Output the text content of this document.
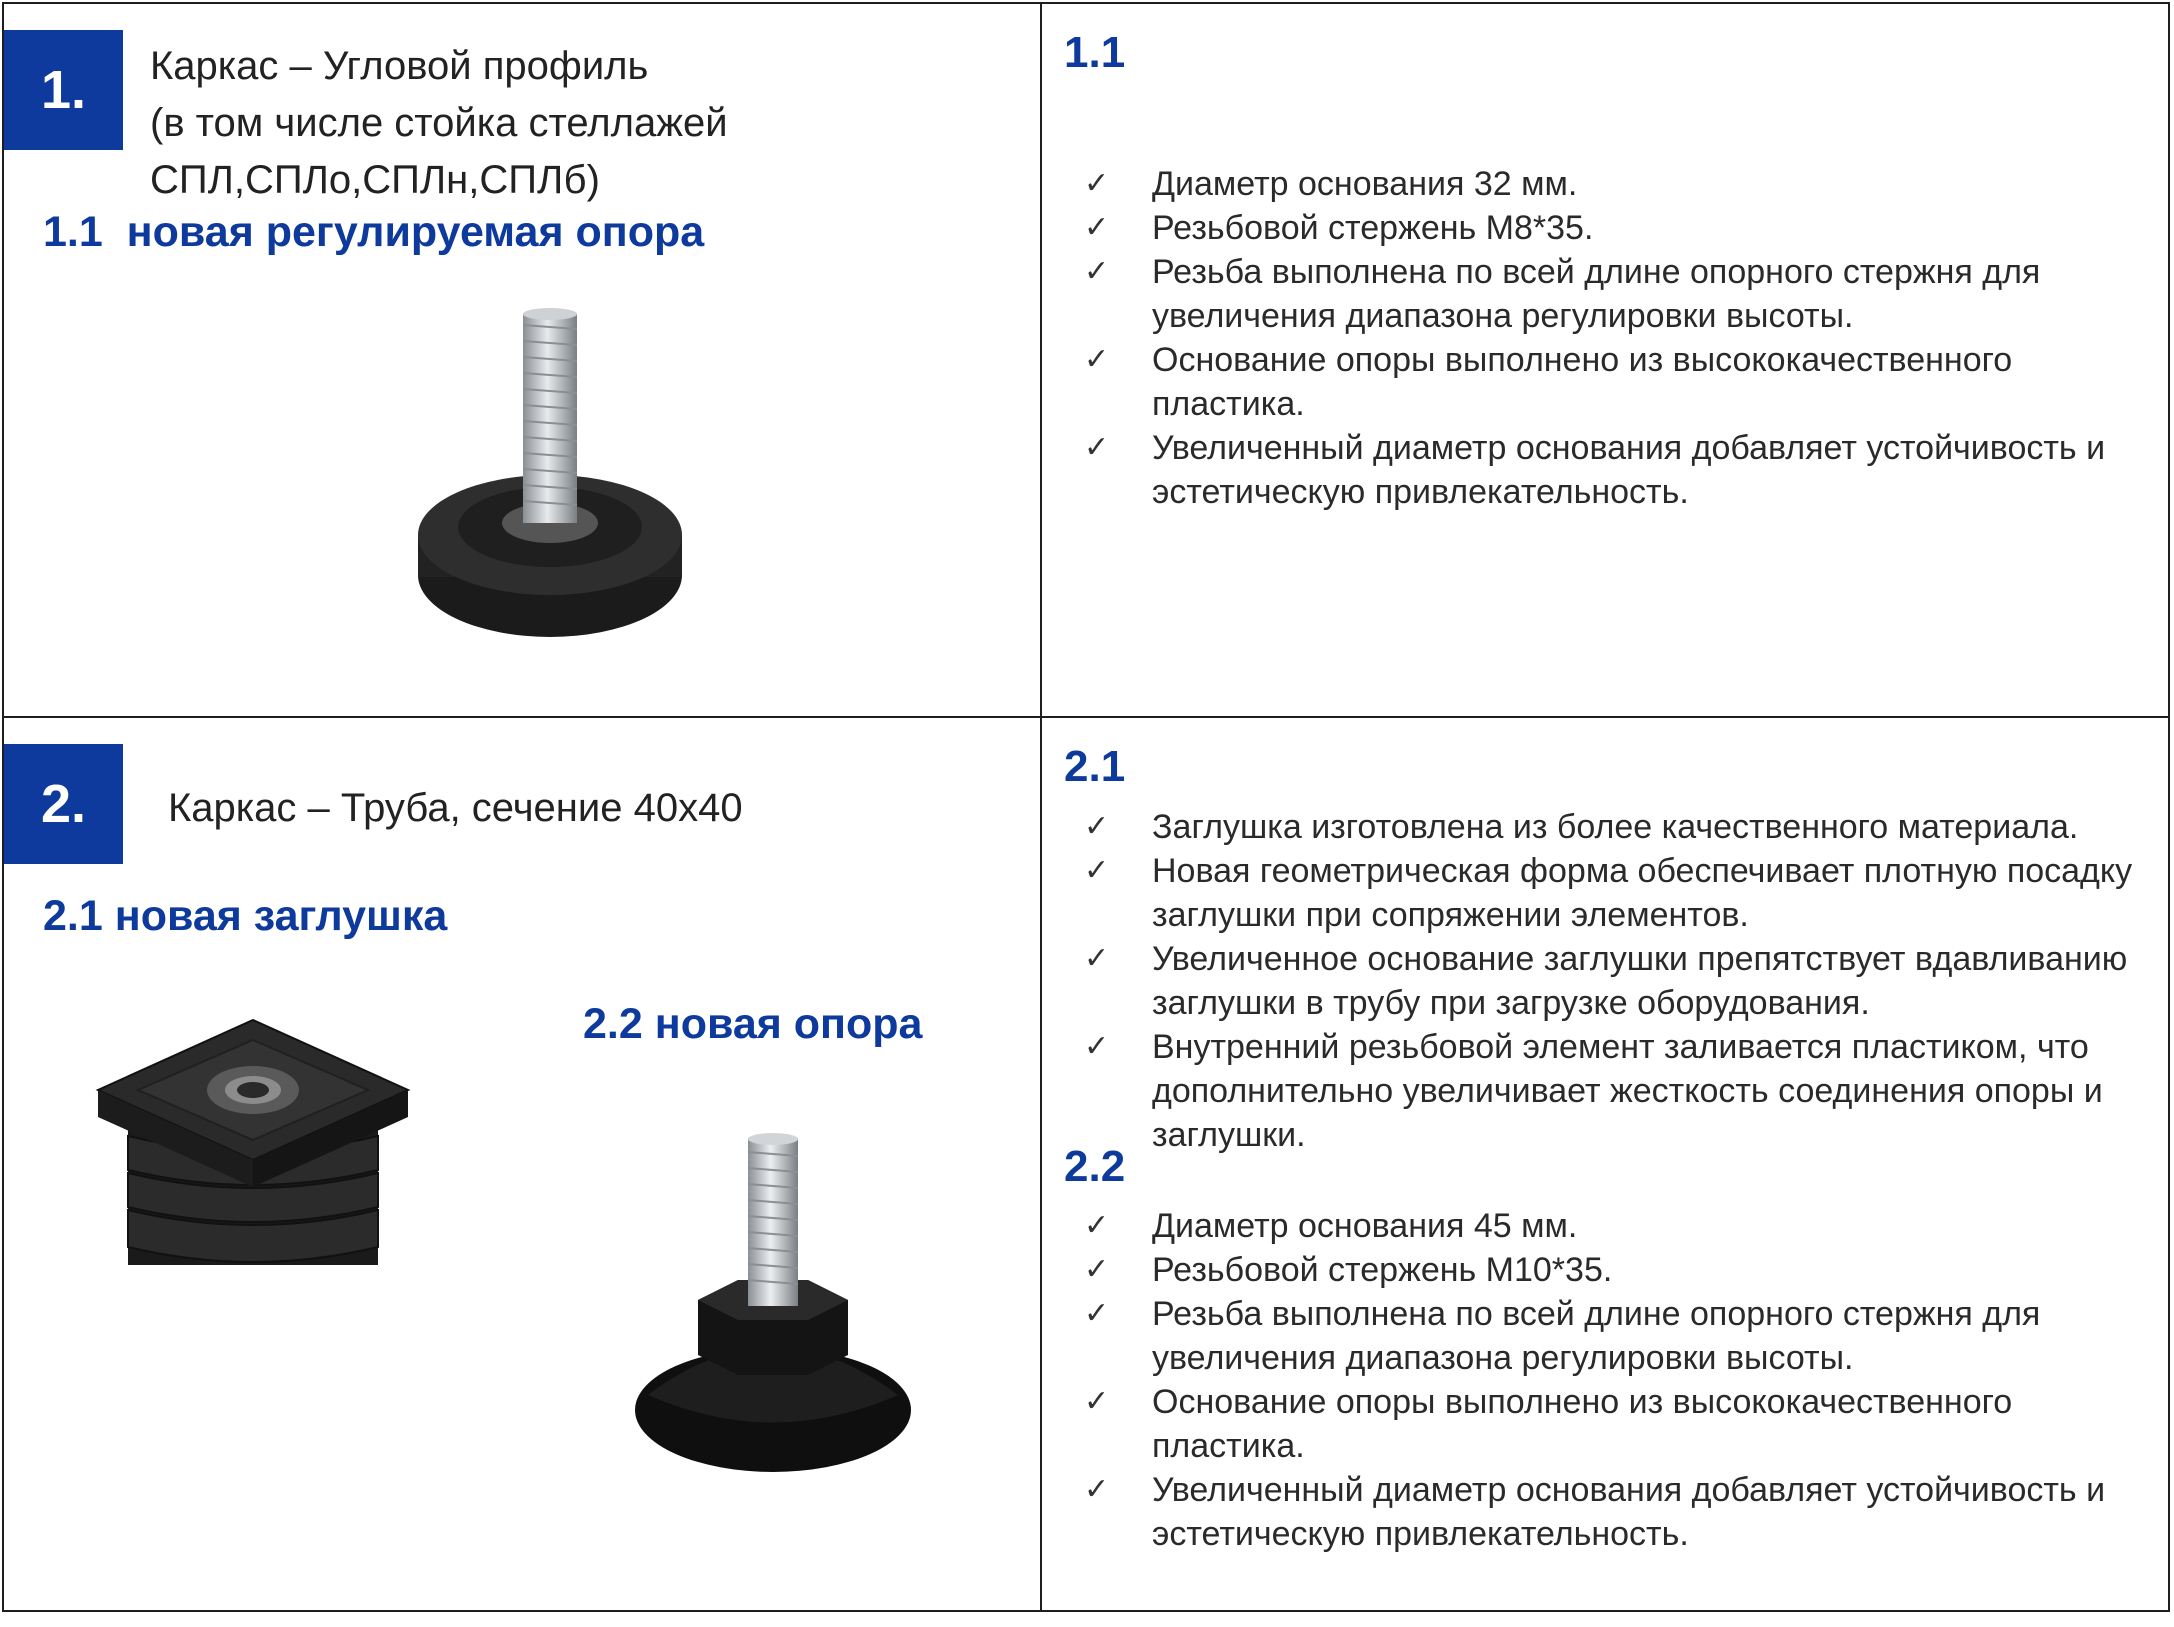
1.	Каркас – Угловой профиль
(в том числе стойка стеллажей
СПЛ,СПЛо,СПЛн,СПЛб)
1.1  новая регулируемая опора
1.1
✓ Диаметр основания 32 мм.
✓ Резьбовой стержень М8*35.
✓ Резьба выполнена по всей длине опорного стержня для увеличения диапазона регулировки высоты.
✓ Основание опоры выполнено из высококачественного пластика.
✓ Увеличенный диаметр основания добавляет устойчивость и эстетическую привлекательность.
2.	Каркас – Труба, сечение 40х40
2.1 новая заглушка
2.2 новая опора
2.1
✓ Заглушка изготовлена из более качественного материала.
✓ Новая геометрическая форма обеспечивает плотную посадку заглушки при сопряжении элементов.
✓ Увеличенное основание заглушки препятствует вдавливанию заглушки в трубу при загрузке оборудования.
✓ Внутренний резьбовой элемент заливается пластиком, что дополнительно увеличивает жесткость соединения опоры и заглушки.
2.2
✓ Диаметр основания 45 мм.
✓ Резьбовой стержень М10*35.
✓ Резьба выполнена по всей длине опорного стержня для увеличения диапазона регулировки высоты.
✓ Основание опоры выполнено из высококачественного пластика.
✓ Увеличенный диаметр основания добавляет устойчивость и эстетическую привлекательность.
